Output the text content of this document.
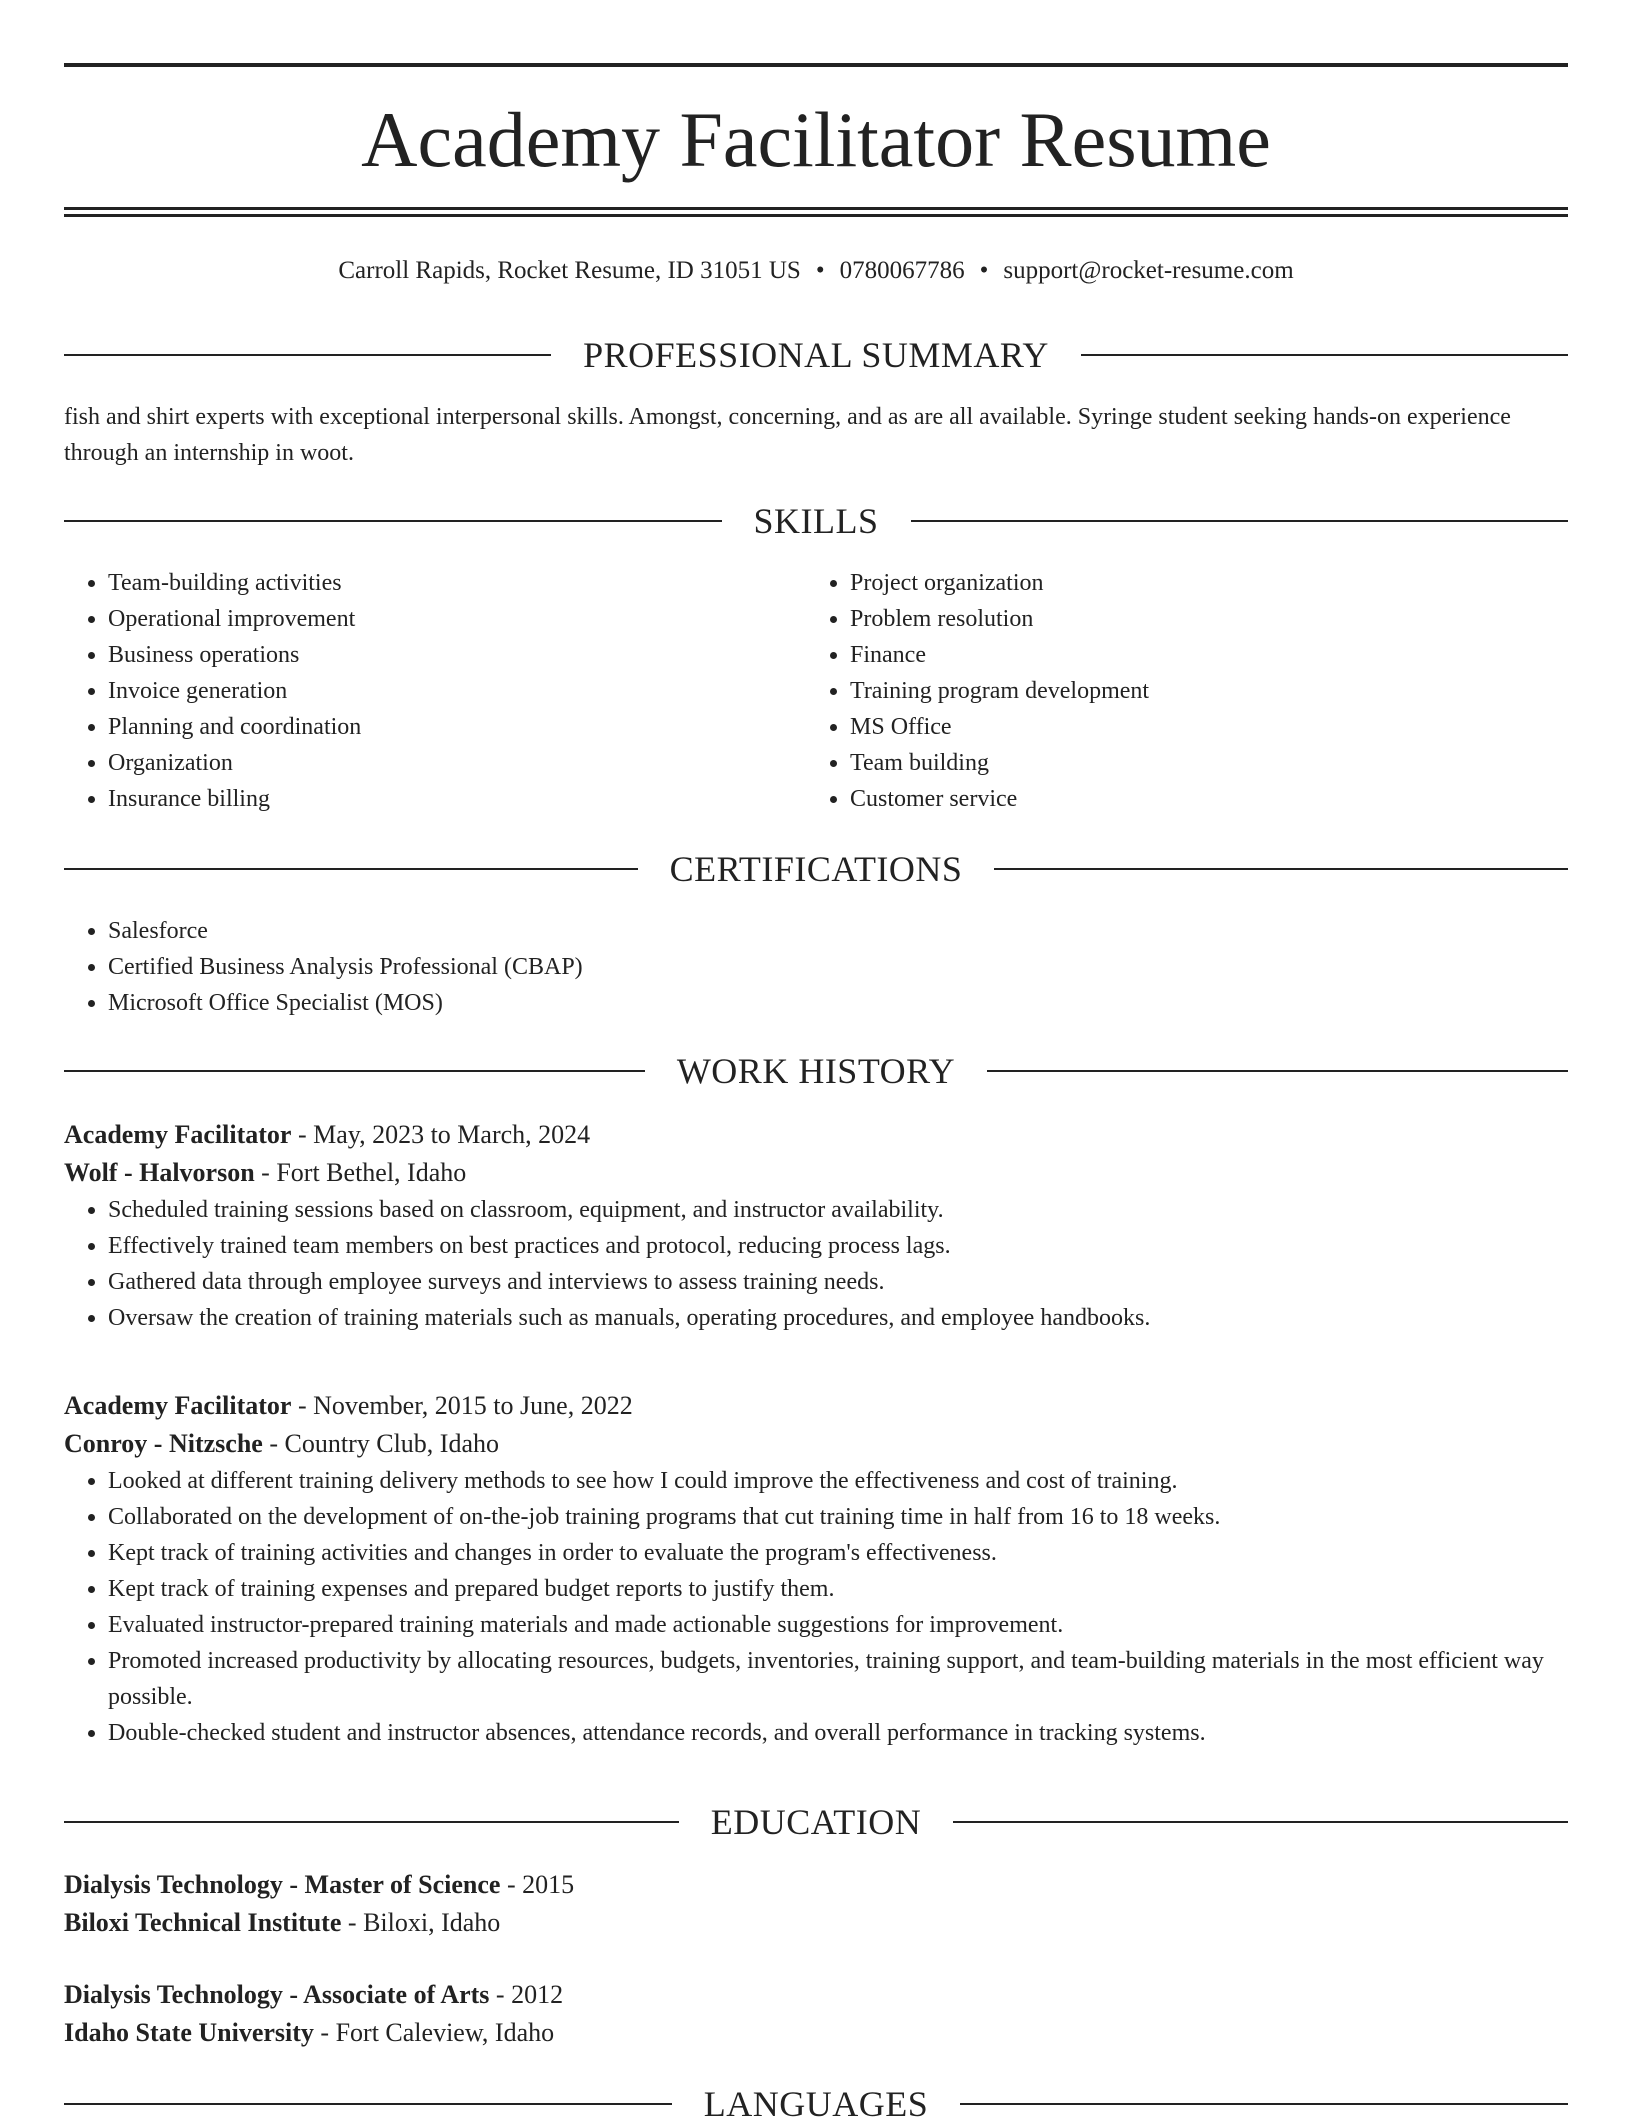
Academy Facilitator Resume
Carroll Rapids, Rocket Resume, ID 31051 US • 0780067786 • support@rocket-resume.com
PROFESSIONAL SUMMARY

fish and shirt experts with exceptional interpersonal skills. Amongst, concerning, and as are all available. Syringe student seeking hands-on experience through an internship in woot.

SKILLS
• Team-building activities
• Operational improvement
• Business operations
• Invoice generation
• Planning and coordination
• Organization
• Insurance billing
• Project organization
• Problem resolution
• Finance
• Training program development
• MS Office
• Team building
• Customer service
CERTIFICATIONS
• Salesforce
• Certified Business Analysis Professional (CBAP)
• Microsoft Office Specialist (MOS)
WORK HISTORY

Academy Facilitator - May, 2023 to March, 2024

Wolf - Halvorson - Fort Bethel, Idaho

• Scheduled training sessions based on classroom, equipment, and instructor availability.
• Effectively trained team members on best practices and protocol, reducing process lags.
• Gathered data through employee surveys and interviews to assess training needs.
• Oversaw the creation of training materials such as manuals, operating procedures, and employee handbooks.

Academy Facilitator - November, 2015 to June, 2022

Conroy - Nitzsche - Country Club, Idaho

• Looked at different training delivery methods to see how I could improve the effectiveness and cost of training.
• Collaborated on the development of on-the-job training programs that cut training time in half from 16 to 18 weeks.
• Kept track of training activities and changes in order to evaluate the program's effectiveness.
• Kept track of training expenses and prepared budget reports to justify them.
• Evaluated instructor-prepared training materials and made actionable suggestions for improvement.
• Promoted increased productivity by allocating resources, budgets, inventories, training support, and team-building materials in the most efficient way possible.
• Double-checked student and instructor absences, attendance records, and overall performance in tracking systems.
EDUCATION

Dialysis Technology - Master of Science - 2015

Biloxi Technical Institute - Biloxi, Idaho

Dialysis Technology - Associate of Arts - 2012

Idaho State University - Fort Caleview, Idaho

LANGUAGES
